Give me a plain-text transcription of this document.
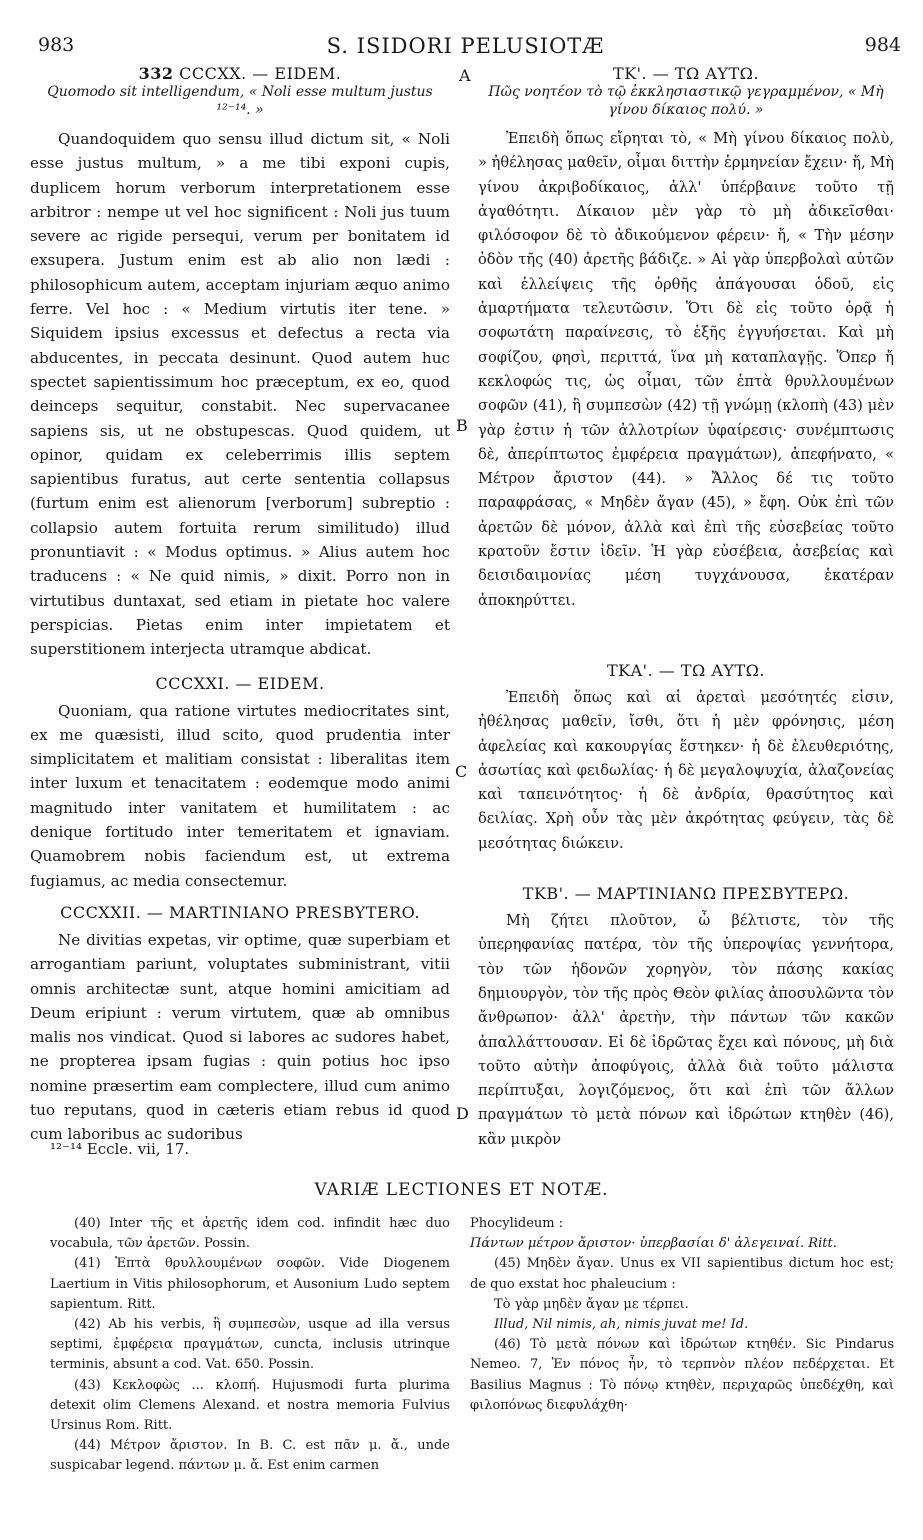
983	S. ISIDORI PELUSIOTÆ	984
332 CCCXX. — EIDEM.
Quomodo sit intelligendum, « Noli esse multum justus ¹²⁻¹⁴. »

Quandoquidem quo sensu illud dictum sit, « Noli esse justus multum, » a me tibi exponi cupis, duplicem horum verborum interpretationem esse arbitror : nempe ut vel hoc significent : Noli jus tuum severe ac rigide persequi, verum per bonitatem id exsupera. Justum enim est ab alio non lædi : philosophicum autem, acceptam injuriam æquo animo ferre. Vel hoc : « Medium virtutis iter tene. » Siquidem ipsius excessus et defectus a recta via abducentes, in peccata desinunt. Quod autem huc spectet sapientissimum hoc præceptum, ex eo, quod deinceps sequitur, constabit. Nec supervacanee sapiens sis, ut ne obstupescas. Quod quidem, ut opinor, quidam ex celeberrimis illis septem sapientibus furatus, aut certe sententia collapsus (furtum enim est alienorum [verborum] subreptio : collapsio autem fortuita rerum similitudo) illud pronuntiavit : « Modus optimus. » Alius autem hoc traducens : « Ne quid nimis, » dixit. Porro non in virtutibus duntaxat, sed etiam in pietate hoc valere perspicias. Pietas enim inter impietatem et superstitionem interjecta utramque abdicat.

CCCXXI. — EIDEM.

Quoniam, qua ratione virtutes mediocritates sint, ex me quæsisti, illud scito, quod prudentia inter simplicitatem et malitiam consistat : liberalitas item inter luxum et tenacitatem : eodemque modo animi magnitudo inter vanitatem et humilitatem : ac denique fortitudo inter temeritatem et ignaviam. Quamobrem nobis faciendum est, ut extrema fugiamus, ac media consectemur.

CCCXXII. — MARTINIANO PRESBYTERO.

Ne divitias expetas, vir optime, quæ superbiam et arrogantiam pariunt, voluptates subministrant, vitii omnis architectæ sunt, atque homini amicitiam ad Deum eripiunt : verum virtutem, quæ ab omnibus malis nos vindicat. Quod si labores ac sudores habet, ne propterea ipsam fugias : quin potius hoc ipso nomine præsertim eam complectere, illud cum animo tuo reputans, quod in cæteris etiam rebus id quod cum laboribus ac sudoribus

A
B
C
D
ΤΚ'. — ΤΩ ΑΥΤΩ.
Πῶς νοητέον τὸ τῷ ἐκκλησιαστικῷ γεγραμμένον, « Μὴ γίνου δίκαιος πολύ. »

Ἐπειδὴ ὅπως εἴρηται τὸ, « Μὴ γίνου δίκαιος πολὺ, » ἠθέλησας μαθεῖν, οἶμαι διττὴν ἑρμηνείαν ἔχειν· ἤ, Μὴ γίνου ἀκριβοδίκαιος, ἀλλ' ὑπέρβαινε τοῦτο τῇ ἀγαθότητι. Δίκαιον μὲν γὰρ τὸ μὴ ἀδικεῖσθαι· φιλόσοφον δὲ τὸ ἀδικούμενον φέρειν· ἤ, « Τὴν μέσην ὁδὸν τῆς (40) ἀρετῆς βάδιζε. » Αἱ γὰρ ὑπερβολαὶ αὐτῶν καὶ ἐλλείψεις τῆς ὀρθῆς ἀπάγουσαι ὁδοῦ, εἰς ἁμαρτήματα τελευτῶσιν. Ὅτι δὲ εἰς τοῦτο ὁρᾷ ἡ σοφωτάτη παραίνεσις, τὸ ἑξῆς ἐγγυήσεται. Καὶ μὴ σοφίζου, φησὶ, περιττά, ἵνα μὴ καταπλαγῇς. Ὅπερ ἤ κεκλοφώς τις, ὡς οἶμαι, τῶν ἑπτὰ θρυλλουμένων σοφῶν (41), ἢ συμπεσὼν (42) τῇ γνώμῃ (κλοπὴ (43) μὲν γὰρ ἐστιν ἡ τῶν ἀλλοτρίων ὑφαίρεσις· συνέμπτωσις δὲ, ἀπερίπτωτος ἐμφέρεια πραγμάτων), ἀπεφήνατο, « Μέτρον ἄριστον (44). » Ἄλλος δέ τις τοῦτο παραφράσας, « Μηδὲν ἄγαν (45), » ἔφη. Οὐκ ἐπὶ τῶν ἀρετῶν δὲ μόνον, ἀλλὰ καὶ ἐπὶ τῆς εὐσεβείας τοῦτο κρατοῦν ἔστιν ἰδεῖν. Ἡ γὰρ εὐσέβεια, ἀσεβείας καὶ δεισιδαιμονίας μέση τυγχάνουσα, ἑκατέραν ἀποκηρύττει.

ΤΚΑ'. — ΤΩ ΑΥΤΩ.

Ἐπειδὴ ὅπως καὶ αἱ ἀρεταὶ μεσότητές εἰσιν, ἠθέλησας μαθεῖν, ἴσθι, ὅτι ἡ μὲν φρόνησις, μέση ἀφελείας καὶ κακουργίας ἕστηκεν· ἡ δὲ ἐλευθεριότης, ἀσωτίας καὶ φειδωλίας· ἡ δὲ μεγαλοψυχία, ἀλαζονείας καὶ ταπεινότητος· ἡ δὲ ἀνδρία, θρασύτητος καὶ δειλίας. Χρὴ οὖν τὰς μὲν ἀκρότητας φεύγειν, τὰς δὲ μεσότητας διώκειν.

ΤΚΒ'. — ΜΑΡΤΙΝΙΑΝΩ ΠΡΕΣΒΥΤΕΡΩ.

Μὴ ζήτει πλοῦτον, ὦ βέλτιστε, τὸν τῆς ὑπερηφανίας πατέρα, τὸν τῆς ὑπεροψίας γεννήτορα, τὸν τῶν ἡδονῶν χορηγὸν, τὸν πάσης κακίας δημιουργὸν, τὸν τῆς πρὸς Θεὸν φιλίας ἀποσυλῶντα τὸν ἄνθρωπον· ἀλλ' ἀρετὴν, τὴν πάντων τῶν κακῶν ἀπαλλάττουσαν. Εἰ δὲ ἱδρῶτας ἔχει καὶ πόνους, μὴ διὰ τοῦτο αὐτὴν ἀποφύγοις, ἀλλὰ διὰ τοῦτο μάλιστα περίπτυξαι, λογιζόμενος, ὅτι καὶ ἐπὶ τῶν ἄλλων πραγμάτων τὸ μετὰ πόνων καὶ ἱδρώτων κτηθὲν (46), κἂν μικρὸν

¹²⁻¹⁴ Eccle. vii, 17.
VARIÆ LECTIONES ET NOTÆ.

(40) Inter τῆς et ἀρετῆς idem cod. infindit hæc duo vocabula, τῶν ἀρετῶν. Possin.

(41) Ἑπτὰ θρυλλουμένων σοφῶν. Vide Diogenem Laertium in Vitis philosophorum, et Ausonium Ludo septem sapientum. Ritt.

(42) Ab his verbis, ἢ συμπεσὼν, usque ad illa versus septimi, ἐμφέρεια πραγμάτων, cuncta, inclusis utrinque terminis, absunt a cod. Vat. 650. Possin.

(43) Κεκλοφὼς ... κλοπή. Hujusmodi furta plurima detexit olim Clemens Alexand. et nostra memoria Fulvius Ursinus Rom. Ritt.

(44) Μέτρον ἄριστον. In B. C. est πᾶν μ. ἄ., unde suspicabar legend. πάντων μ. ἄ. Est enim carmen

Phocylideum :

Πάντων μέτρον ἄριστον· ὑπερβασίαι δ' ἀλεγειναί. Ritt.

(45) Μηδὲν ἄγαν. Unus ex VII sapientibus dictum hoc est; de quo exstat hoc phaleucium :

Τὸ γὰρ μηδὲν ἄγαν με τέρπει.

Illud, Nil nimis, ah, nimis juvat me! Id.

(46) Τὸ μετὰ πόνων καὶ ἱδρώτων κτηθέν. Sic Pindarus Nemeo. 7, Ἐν πόνος ἦν, τὸ τερπνὸν πλέον πεδέρχεται. Et Basilius Magnus : Τὸ πόνῳ κτηθὲν, περιχαρῶς ὑπεδέχθη, καὶ φιλοπόνως διεφυλάχθη·
